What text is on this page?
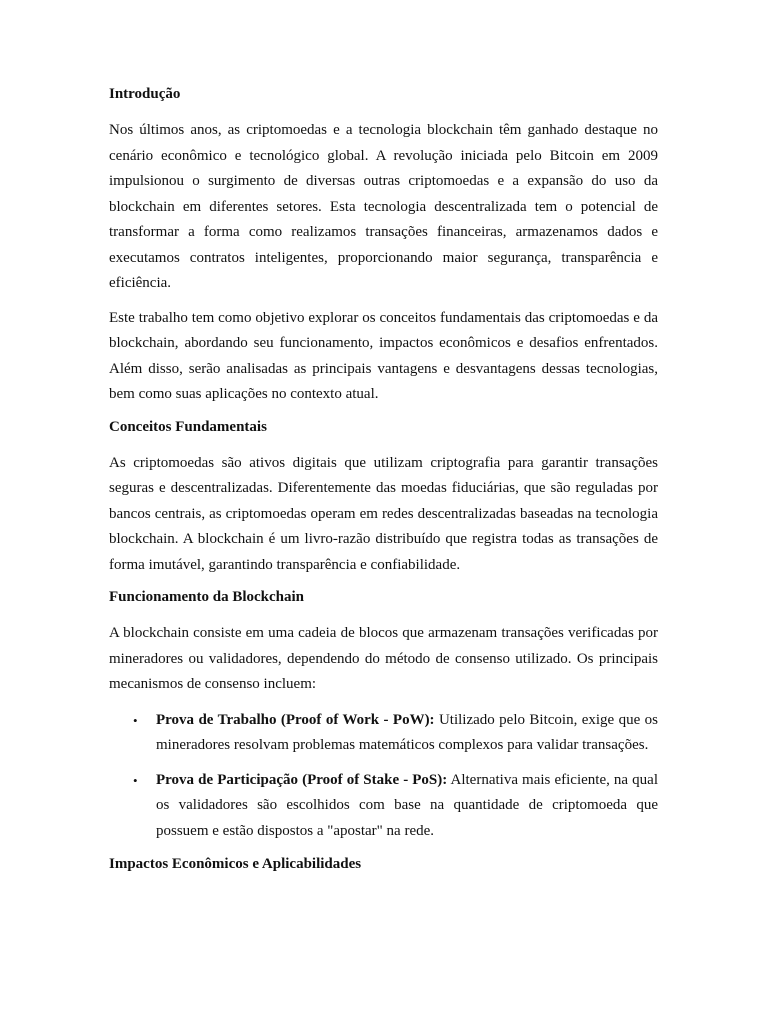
Introdução

Nos últimos anos, as criptomoedas e a tecnologia blockchain têm ganhado destaque no cenário econômico e tecnológico global. A revolução iniciada pelo Bitcoin em 2009 impulsionou o surgimento de diversas outras criptomoedas e a expansão do uso da blockchain em diferentes setores. Esta tecnologia descentralizada tem o potencial de transformar a forma como realizamos transações financeiras, armazenamos dados e executamos contratos inteligentes, proporcionando maior segurança, transparência e eficiência.

Este trabalho tem como objetivo explorar os conceitos fundamentais das criptomoedas e da blockchain, abordando seu funcionamento, impactos econômicos e desafios enfrentados. Além disso, serão analisadas as principais vantagens e desvantagens dessas tecnologias, bem como suas aplicações no contexto atual.

Conceitos Fundamentais

As criptomoedas são ativos digitais que utilizam criptografia para garantir transações seguras e descentralizadas. Diferentemente das moedas fiduciárias, que são reguladas por bancos centrais, as criptomoedas operam em redes descentralizadas baseadas na tecnologia blockchain. A blockchain é um livro-razão distribuído que registra todas as transações de forma imutável, garantindo transparência e confiabilidade.

Funcionamento da Blockchain

A blockchain consiste em uma cadeia de blocos que armazenam transações verificadas por mineradores ou validadores, dependendo do método de consenso utilizado. Os principais mecanismos de consenso incluem:

• Prova de Trabalho (Proof of Work - PoW): Utilizado pelo Bitcoin, exige que os mineradores resolvam problemas matemáticos complexos para validar transações.
• Prova de Participação (Proof of Stake - PoS): Alternativa mais eficiente, na qual os validadores são escolhidos com base na quantidade de criptomoeda que possuem e estão dispostos a "apostar" na rede.
Impactos Econômicos e Aplicabilidades
